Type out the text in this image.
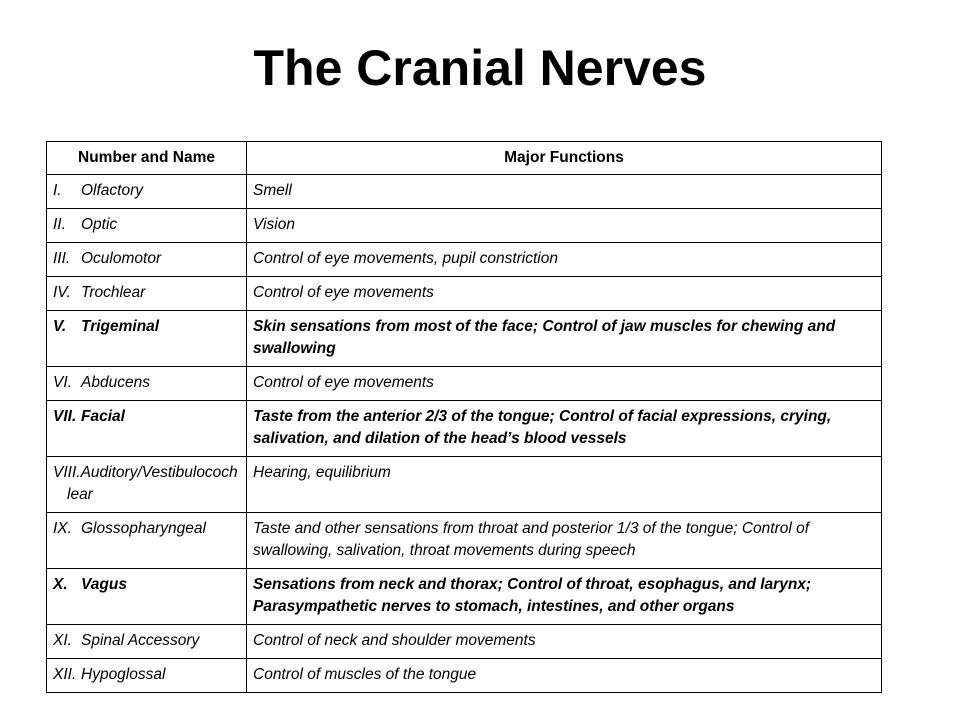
The Cranial Nerves
Number and Name	Major Functions
I. Olfactory	Smell
II. Optic	Vision
III. Oculomotor	Control of eye movements, pupil constriction
IV. Trochlear	Control of eye movements
V. Trigeminal	Skin sensations from most of the face; Control of jaw muscles for chewing and swallowing
VI. Abducens	Control of eye movements
VII. Facial	Taste from the anterior 2/3 of the tongue; Control of facial expressions, crying, salivation, and dilation of the head’s blood vessels

VIII.Auditory/Vestibulocochlear	Hearing, equilibrium
IX. Glossopharyngeal	Taste and other sensations from throat and posterior 1/3 of the tongue; Control of swallowing, salivation, throat movements during speech
X. Vagus	Sensations from neck and thorax; Control of throat, esophagus, and larynx; Parasympathetic nerves to stomach, intestines, and other organs
XI. Spinal Accessory	Control of neck and shoulder movements
XII. Hypoglossal	Control of muscles of the tongue
